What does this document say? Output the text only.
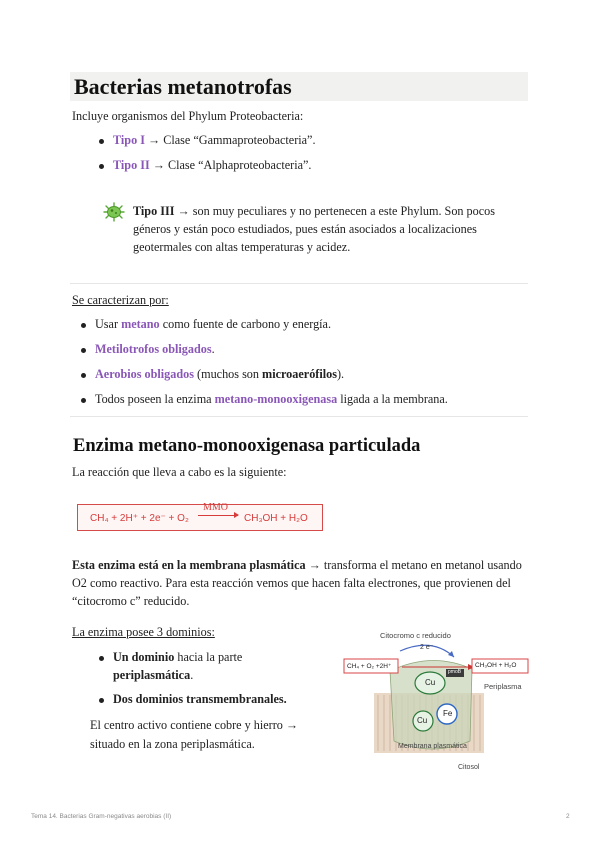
Bacterias metanotrofas
Incluye organismos del Phylum Proteobacteria:
Tipo I → Clase “Gammaproteobacteria”.
Tipo II → Clase “Alphaproteobacteria”.
Tipo III → son muy peculiares y no pertenecen a este Phylum. Son pocos
géneros y están poco estudiados, pues están asociados a localizaciones
geotermales con altas temperaturas y acidez.
Se caracterizan por:
Usar metano como fuente de carbono y energía.
Metilotrofos obligados.
Aerobios obligados (muchos son microaerófilos).
Todos poseen la enzima metano-monooxigenasa ligada a la membrana.
Enzima metano-monooxigenasa particulada
La reacción que lleva a cabo es la siguiente:
CH₄ + 2H⁺ + 2e⁻ + O₂
MMO
→ CH₃OH + H₂O
Esta enzima está en la membrana plasmática → transforma el metano en metanol usando
O2 como reactivo. Para esta reacción vemos que hacen falta electrones, que provienen del
“citocromo c” reducido.
La enzima posee 3 dominios:
Un dominio hacia la parte
periplasmática.
Dos dominios transmembranales.
El centro activo contiene cobre y hierro →
situado en la zona periplasmática.
Citocromo c reducido
2 e⁻
CH₄ + O₂ +2H⁺	CH₃OH + H₂O
pmoB
Cu
Cu
Fe
Periplasma
Membrana plasmática
Citosol
Tema 14. Bacterias Gram-negativas aerobias (II)	2
